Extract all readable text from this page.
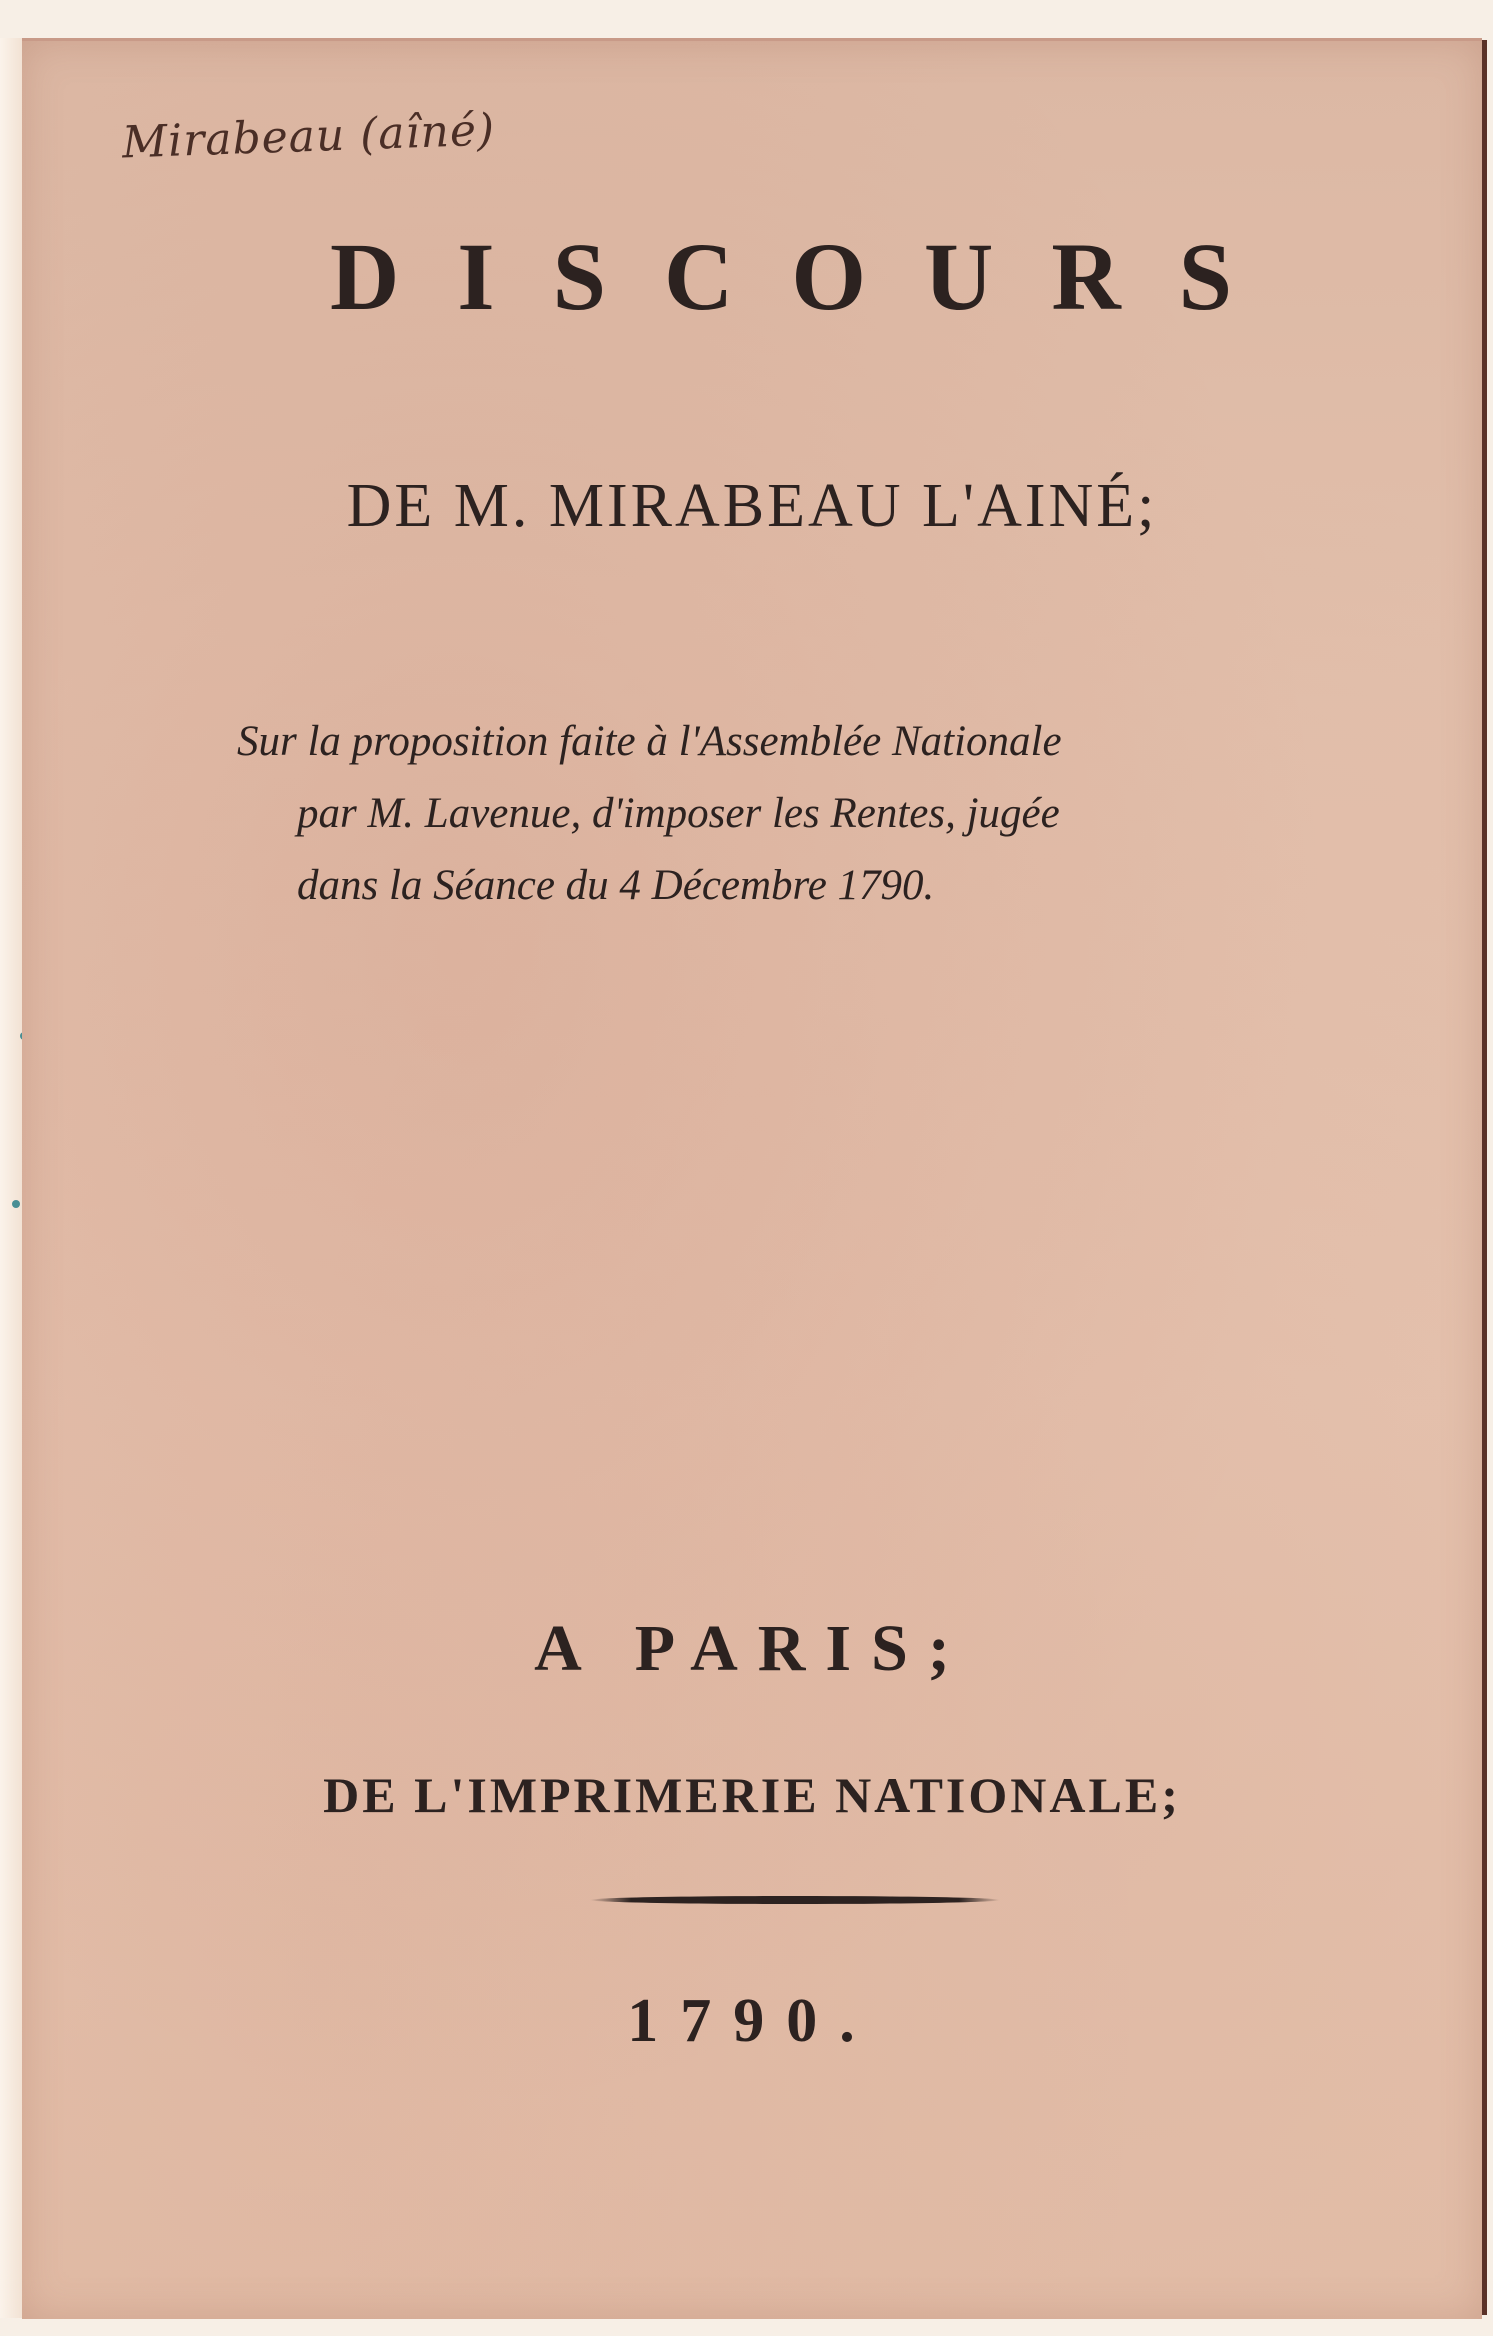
Mirabeau (aîné)
DISCOURS
DE M. MIRABEAU L'AINÉ;
Sur la proposition faite à l'Assemblée Nationale
par M. Lavenue, d'imposer les Rentes, jugée
dans la Séance du 4 Décembre 1790.
A PARIS;
DE L'IMPRIMERIE NATIONALE;
1790.
